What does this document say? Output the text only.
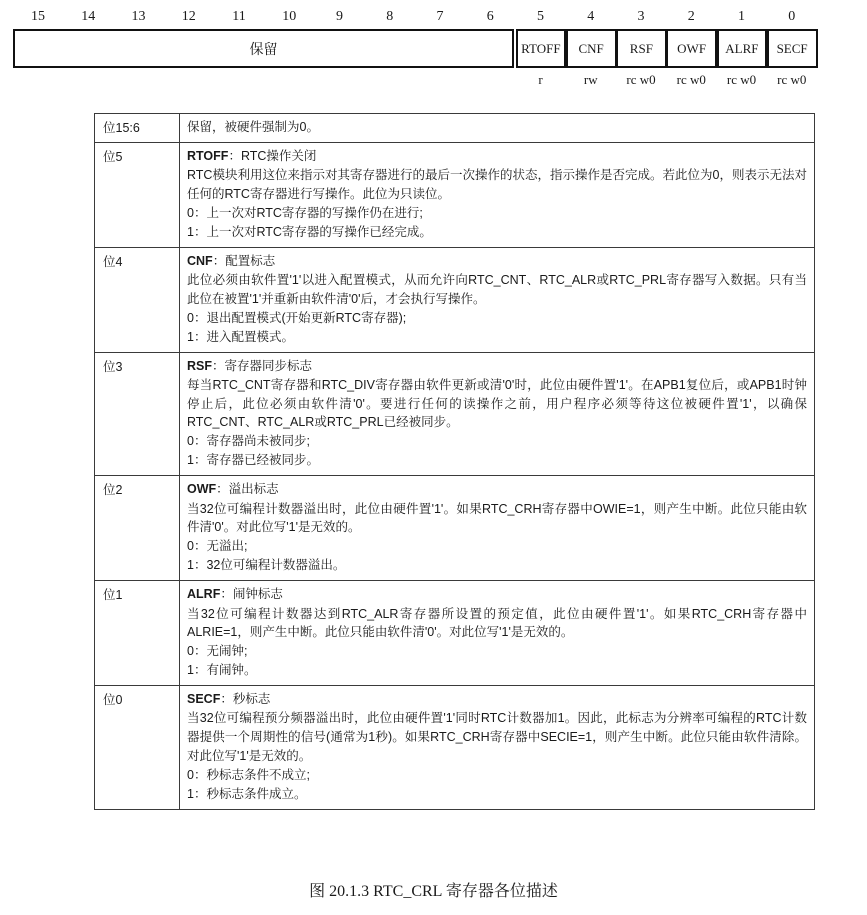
15	14	13	12	11	10	9	8	7	6	5	4	3	2	1	0
保留	RTOFF	CNF	RSF	OWF	ALRF	SECF
r	rw	rc w0	rc w0	rc w0	rc w0
位15:6	保留，被硬件强制为0。

位5	RTOFF：RTC操作关闭

RTC模块利用这位来指示对其寄存器进行的最后一次操作的状态，指示操作是否完成。若此位为0，则表示无法对任何的RTC寄存器进行写操作。此位为只读位。

0：上一次对RTC寄存器的写操作仍在进行;
1：上一次对RTC寄存器的写操作已经完成。

位4	CNF：配置标志

此位必须由软件置'1'以进入配置模式，从而允许向RTC_CNT、RTC_ALR或RTC_PRL寄存器写入数据。只有当此位在被置'1'并重新由软件清'0'后，才会执行写操作。

0：退出配置模式(开始更新RTC寄存器);
1：进入配置模式。

位3	RSF：寄存器同步标志

每当RTC_CNT寄存器和RTC_DIV寄存器由软件更新或清'0'时，此位由硬件置'1'。在APB1复位后，或APB1时钟停止后，此位必须由软件清'0'。要进行任何的读操作之前，用户程序必须等待这位被硬件置'1'，以确保RTC_CNT、RTC_ALR或RTC_PRL已经被同步。

0：寄存器尚未被同步;
1：寄存器已经被同步。

位2	OWF：溢出标志

当32位可编程计数器溢出时，此位由硬件置'1'。如果RTC_CRH寄存器中OWIE=1，则产生中断。此位只能由软件清'0'。对此位写'1'是无效的。

0：无溢出;
1：32位可编程计数器溢出。

位1	ALRF：闹钟标志

当32位可编程计数器达到RTC_ALR寄存器所设置的预定值，此位由硬件置'1'。如果RTC_CRH寄存器中ALRIE=1，则产生中断。此位只能由软件清'0'。对此位写'1'是无效的。

0：无闹钟;
1：有闹钟。

位0	SECF：秒标志

当32位可编程预分频器溢出时，此位由硬件置'1'同时RTC计数器加1。因此，此标志为分辨率可编程的RTC计数器提供一个周期性的信号(通常为1秒)。如果RTC_CRH寄存器中SECIE=1，则产生中断。此位只能由软件清除。对此位写'1'是无效的。

0：秒标志条件不成立;
1：秒标志条件成立。
图 20.1.3 RTC_CRL 寄存器各位描述
